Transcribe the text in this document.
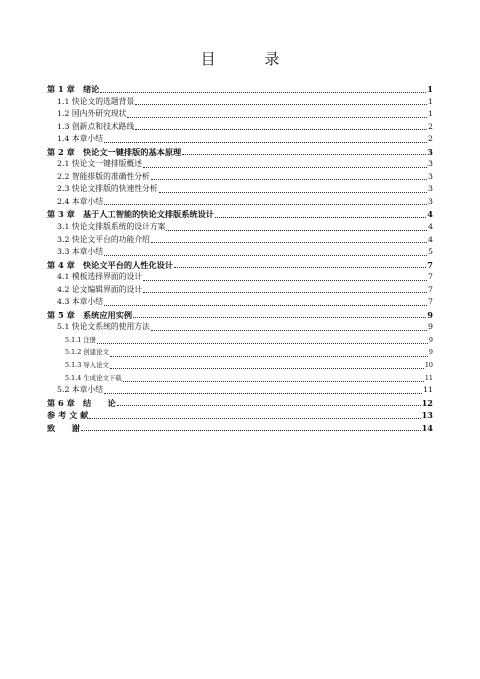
目 录
第 1 章　绪论	1
1.1 快论文的选题背景	1
1.2 国内外研究现状	1
1.3 创新点和技术路线	2
1.4 本章小结	2
第 2 章　快论文一键排版的基本原理	3
2.1 快论文一键排版概述	3
2.2 智能排版的准确性分析	3
2.3 快论文排版的快速性分析	3
2.4 本章小结	3
第 3 章　基于人工智能的快论文排版系统设计	4
3.1 快论文排版系统的设计方案	4
3.2 快论文平台的功能介绍	4
3.3 本章小结	5
第 4 章　快论文平台的人性化设计	7
4.1 模板选择界面的设计	7
4.2 论文编辑界面的设计	7
4.3 本章小结	7
第 5 章　系统应用实例	9
5.1 快论文系统的使用方法	9
5.1.1 注册	9
5.1.2 创建论文	9
5.1.3 导入论文	10
5.1.4 生成论文下载	11
5.2 本章小结	11
第 6 章　结　　论	12
参 考 文 献	13
致　　谢	14
